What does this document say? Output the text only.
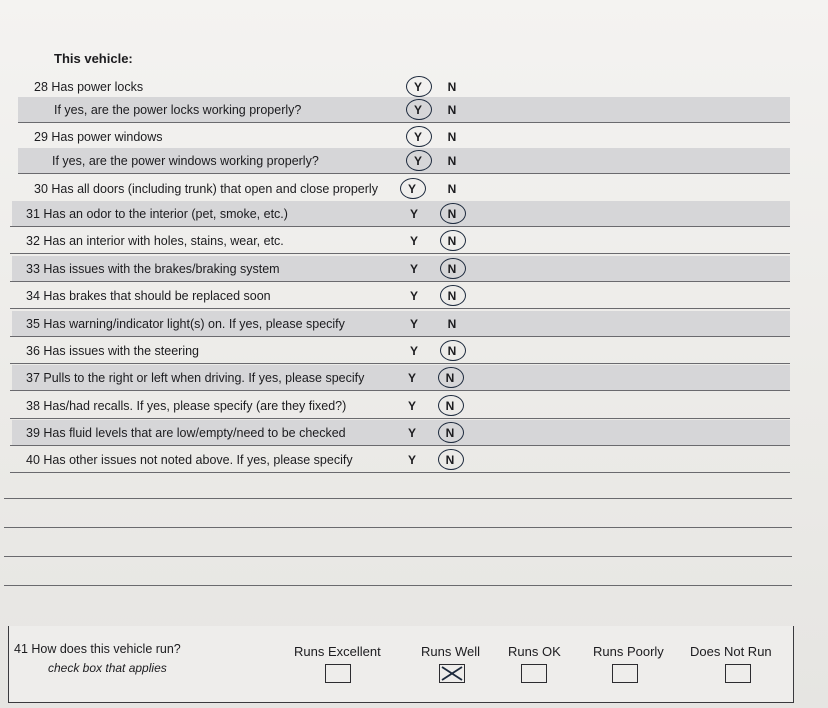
This vehicle:
28 Has power locks	Y	N
If yes, are the power locks working properly?	Y	N
29 Has power windows	Y	N
If yes, are the power windows working properly?	Y	N
30 Has all doors (including trunk) that open and close properly	Y	N
31 Has an odor to the interior (pet, smoke, etc.)	Y	N
32 Has an interior with holes, stains, wear, etc.	Y	N
33 Has issues with the brakes/braking system	Y	N
34 Has brakes that should be replaced soon	Y	N
35 Has warning/indicator light(s) on. If yes, please specify	Y	N
36 Has issues with the steering	Y	N
37 Pulls to the right or left when driving. If yes, please specify	Y	N
38 Has/had recalls. If yes, please specify (are they fixed?)	Y	N
39 Has fluid levels that are low/empty/need to be checked	Y	N
40 Has other issues not noted above. If yes, please specify	Y	N
41 How does this vehicle run?
check box that applies
Runs Excellent	Runs Well Runs OK Runs Poorly Does Not Run
